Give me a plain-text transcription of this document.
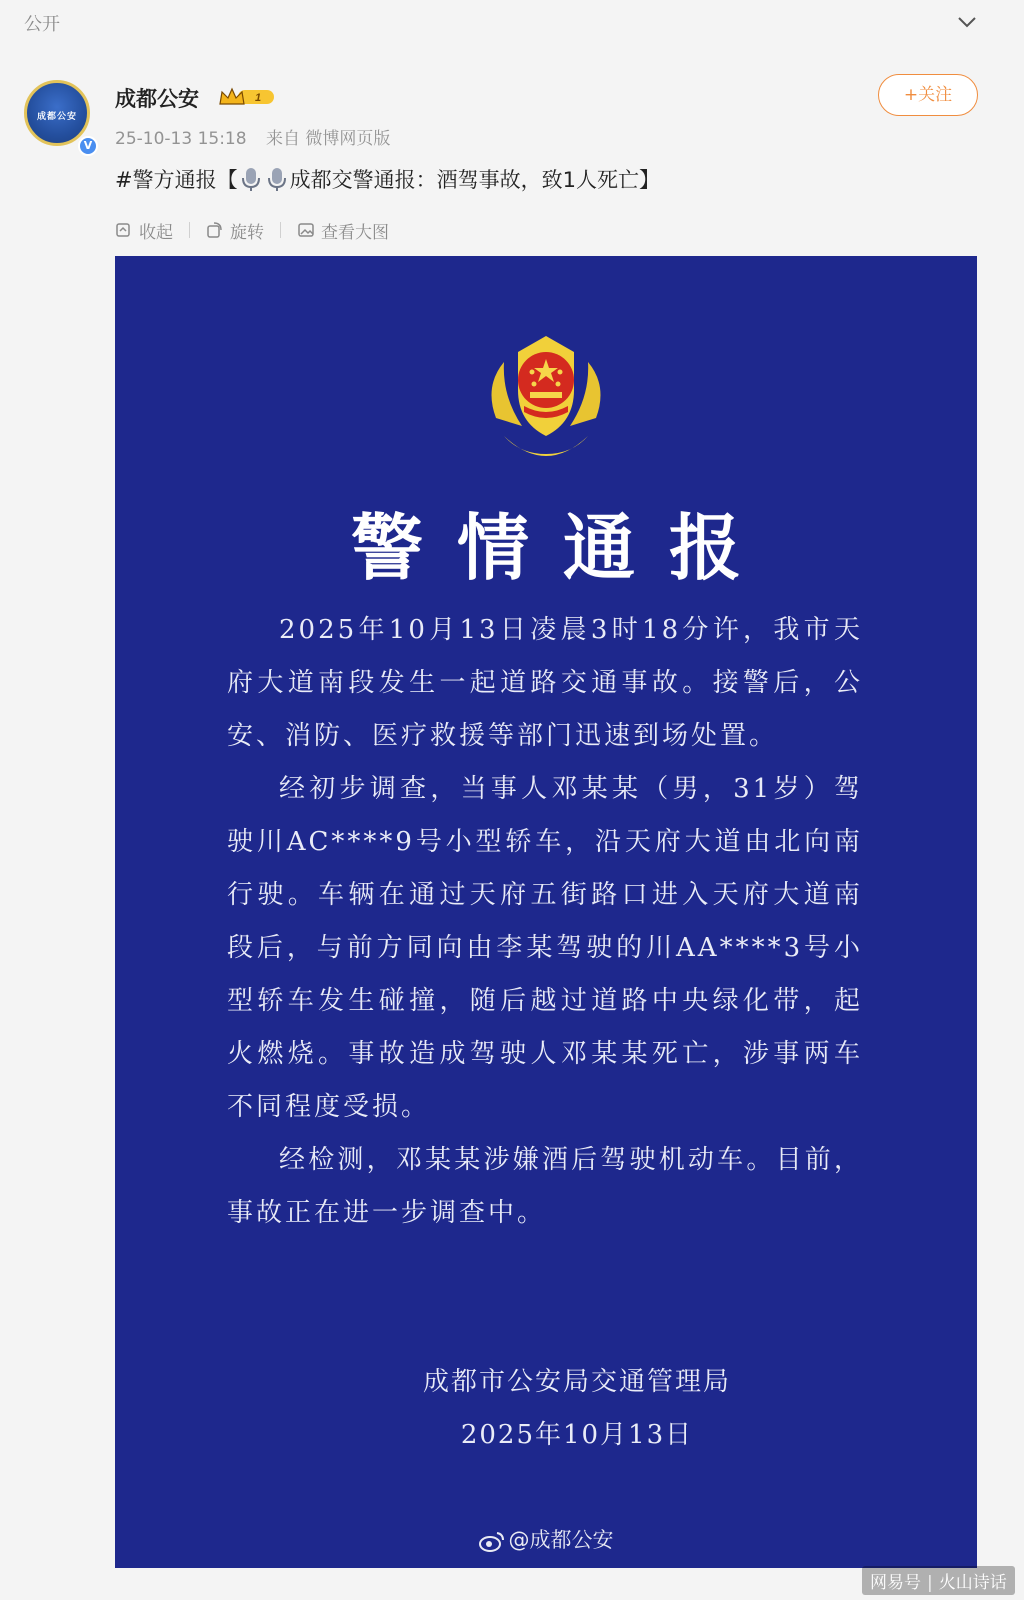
公开
成都公安
V
成都公安	1
25-10-13 15:18 来自 微博网页版
+关注
#警方通报【 成都交警通报：酒驾事故，致1人死亡】
收起	旋转	查看大图
警情通报

2025年10月13日凌晨3时18分许，我市天府大道南段发生一起道路交通事故。接警后，公安、消防、医疗救援等部门迅速到场处置。

经初步调查，当事人邓某某（男，31岁）驾驶川AC****9号小型轿车，沿天府大道由北向南行驶。车辆在通过天府五街路口进入天府大道南段后，与前方同向由李某驾驶的川AA****3号小型轿车发生碰撞，随后越过道路中央绿化带，起火燃烧。事故造成驾驶人邓某某死亡，涉事两车不同程度受损。

经检测，邓某某涉嫌酒后驾驶机动车。目前，事故正在进一步调查中。

成都市公安局交通管理局
2025年10月13日
@成都公安
网易号 | 火山诗话
